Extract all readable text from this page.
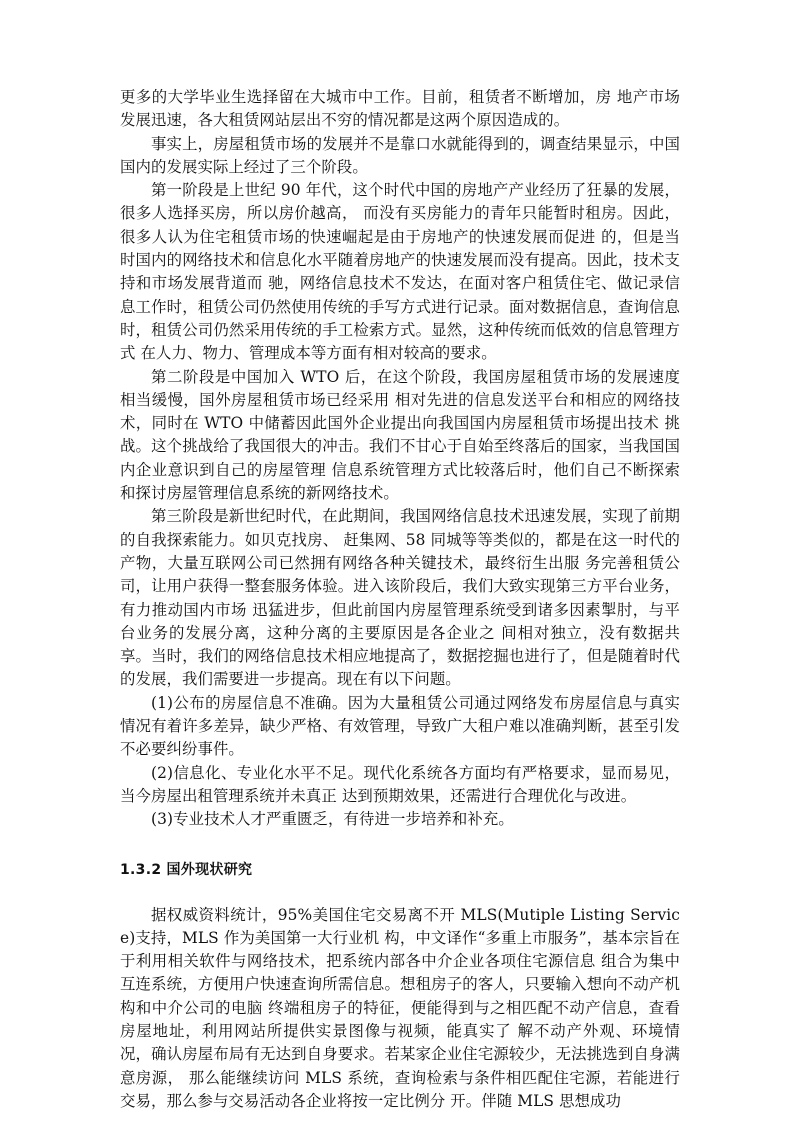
更多的大学毕业生选择留在大城市中工作。目前，租赁者不断增加，房 地产市场发展迅速，各大租赁网站层出不穷的情况都是这两个原因造成的。

事实上，房屋租赁市场的发展并不是靠口水就能得到的，调查结果显示，中国国内的发展实际上经过了三个阶段。

第一阶段是上世纪 90 年代，这个时代中国的房地产产业经历了狂暴的发展，很多人选择买房，所以房价越高， 而没有买房能力的青年只能暂时租房。因此，很多人认为住宅租赁市场的快速崛起是由于房地产的快速发展而促进 的，但是当时国内的网络技术和信息化水平随着房地产的快速发展而没有提高。因此，技术支持和市场发展背道而 驰，网络信息技术不发达，在面对客户租赁住宅、做记录信息工作时，租赁公司仍然使用传统的手写方式进行记录。面对数据信息，查询信息时，租赁公司仍然采用传统的手工检索方式。显然，这种传统而低效的信息管理方式 在人力、物力、管理成本等方面有相对较高的要求。

第二阶段是中国加入 WTO 后，在这个阶段，我国房屋租赁市场的发展速度相当缓慢，国外房屋租赁市场已经采用 相对先进的信息发送平台和相应的网络技术，同时在 WTO 中储蓄因此国外企业提出向我国国内房屋租赁市场提出技术 挑战。这个挑战给了我国很大的冲击。我们不甘心于自始至终落后的国家，当我国国内企业意识到自己的房屋管理 信息系统管理方式比较落后时，他们自己不断探索和探讨房屋管理信息系统的新网络技术。

第三阶段是新世纪时代，在此期间，我国网络信息技术迅速发展，实现了前期的自我探索能力。如贝克找房、 赶集网、58 同城等等类似的，都是在这一时代的产物，大量互联网公司已然拥有网络各种关键技术，最终衍生出服 务完善租赁公司，让用户获得一整套服务体验。进入该阶段后，我们大致实现第三方平台业务，有力推动国内市场 迅猛进步，但此前国内房屋管理系统受到诸多因素掣肘，与平台业务的发展分离，这种分离的主要原因是各企业之 间相对独立，没有数据共享。当时，我们的网络信息技术相应地提高了，数据挖掘也进行了，但是随着时代的发展，我们需要进一步提高。现在有以下问题。

(1)公布的房屋信息不准确。因为大量租赁公司通过网络发布房屋信息与真实情况有着许多差异，缺少严格、有效管理，导致广大租户难以准确判断，甚至引发不必要纠纷事件。

(2)信息化、专业化水平不足。现代化系统各方面均有严格要求，显而易见，当今房屋出租管理系统并未真正 达到预期效果，还需进行合理优化与改进。

(3)专业技术人才严重匮乏，有待进一步培养和补充。

1.3.2 国外现状研究

据权威资料统计，95%美国住宅交易离不开 MLS(Mutiple Listing Service)支持，MLS 作为美国第一大行业机 构，中文译作“多重上市服务”，基本宗旨在于利用相关软件与网络技术，把系统内部各中介企业各项住宅源信息 组合为集中互连系统，方便用户快速查询所需信息。想租房子的客人，只要输入想向不动产机构和中介公司的电脑 终端租房子的特征，便能得到与之相匹配不动产信息，查看房屋地址，利用网站所提供实景图像与视频，能真实了 解不动产外观、环境情况，确认房屋布局有无达到自身要求。若某家企业住宅源较少，无法挑选到自身满意房源， 那么能继续访问 MLS 系统，查询检索与条件相匹配住宅源，若能进行交易，那么参与交易活动各企业将按一定比例分 开。伴随 MLS 思想成功
